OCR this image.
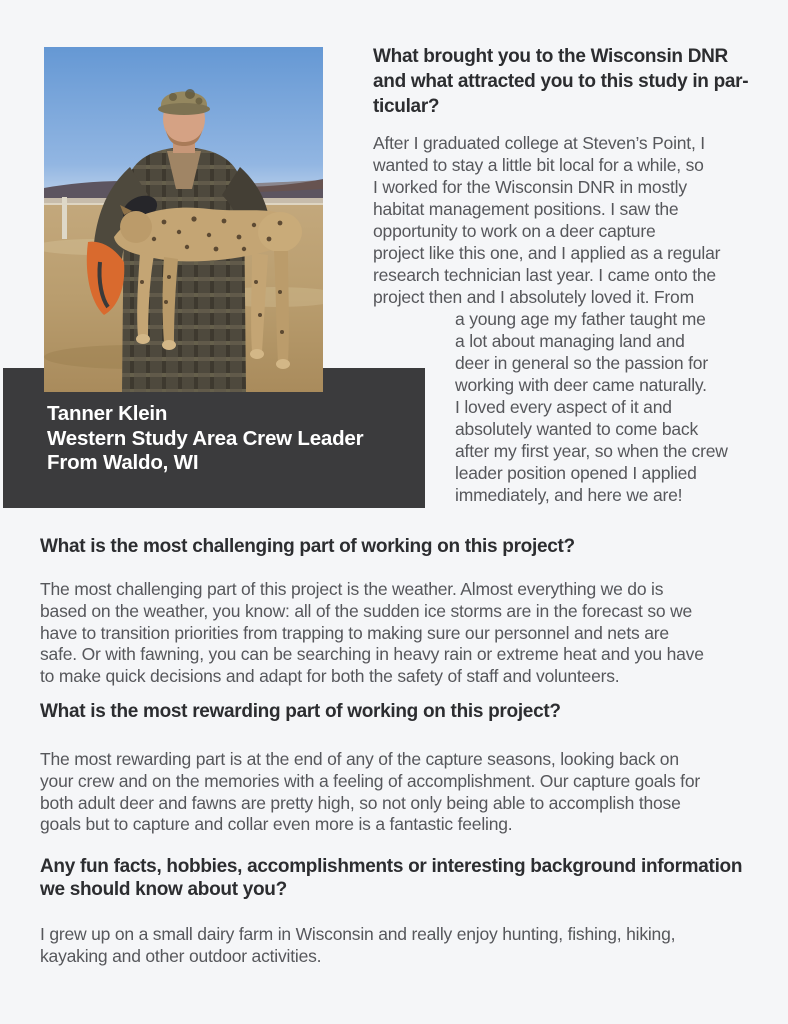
Tanner Klein
Western Study Area Crew Leader
From Waldo, WI
What brought you to the Wisconsin DNR
and what attracted you to this study in par-
ticular?
After I graduated college at Steven’s Point, I
wanted to stay a little bit local for a while, so
I worked for the Wisconsin DNR in mostly
habitat management positions. I saw the
opportunity to work on a deer capture
project like this one, and I applied as a regular
research technician last year. I came onto the
project then and I absolutely loved it. From
a young age my father taught me
a lot about managing land and
deer in general so the passion for
working with deer came naturally.
I loved every aspect of it and
absolutely wanted to come back
after my first year, so when the crew
leader position opened I applied
immediately, and here we are!
What is the most challenging part of working on this project?
The most challenging part of this project is the weather. Almost everything we do is
based on the weather, you know: all of the sudden ice storms are in the forecast so we
have to transition priorities from trapping to making sure our personnel and nets are
safe. Or with fawning, you can be searching in heavy rain or extreme heat and you have
to make quick decisions and adapt for both the safety of staff and volunteers.
What is the most rewarding part of working on this project?
The most rewarding part is at the end of any of the capture seasons, looking back on
your crew and on the memories with a feeling of accomplishment. Our capture goals for
both adult deer and fawns are pretty high, so not only being able to accomplish those
goals but to capture and collar even more is a fantastic feeling.
Any fun facts, hobbies, accomplishments or interesting background information
we should know about you?
I grew up on a small dairy farm in Wisconsin and really enjoy hunting, fishing, hiking,
kayaking and other outdoor activities.
